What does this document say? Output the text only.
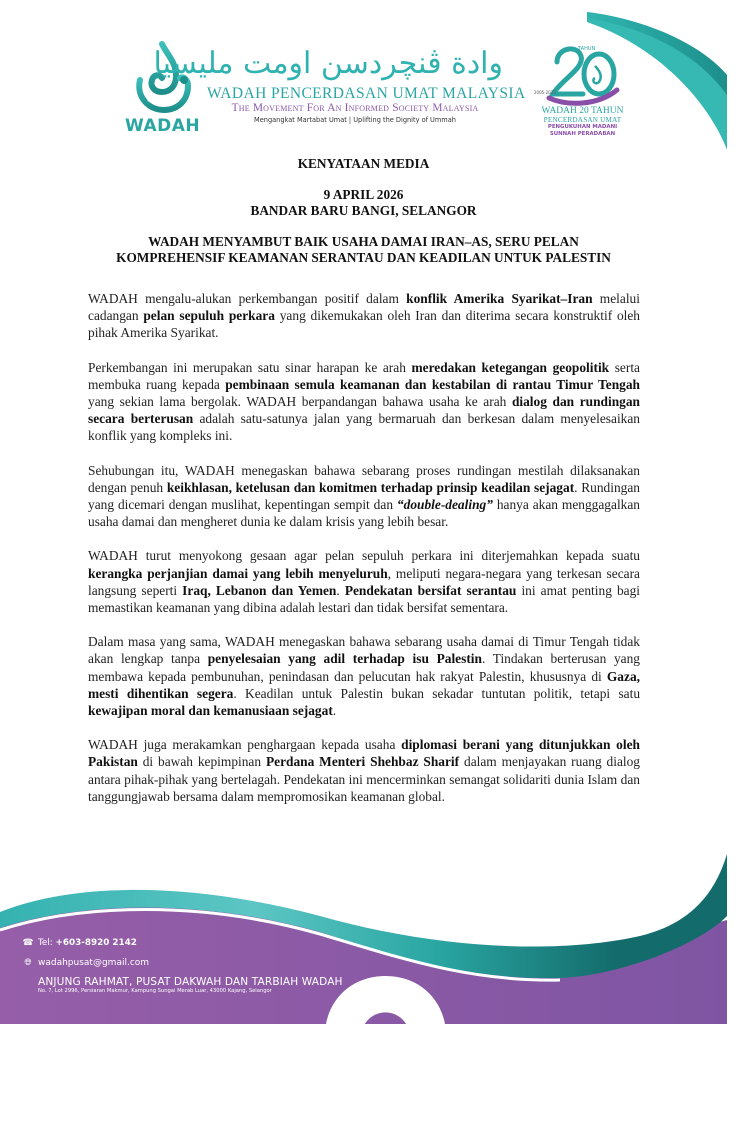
WADAH
وادة ڤنچردسن اومت مليسيا
WADAH PENCERDASAN UMAT MALAYSIA
The Movement For An Informed Society Malaysia
Mengangkat Martabat Umat | Uplifting the Dignity of Ummah
TAHUN
2005-2025
WADAH 20 TAHUN
PENCERDASAN UMAT
PENGUKUHAN MADANI
SUNNAH PERADABAN

KENYATAAN MEDIA

9 APRIL 2026

BANDAR BARU BANGI, SELANGOR

WADAH MENYAMBUT BAIK USAHA DAMAI IRAN–AS, SERU PELAN

KOMPREHENSIF KEAMANAN SERANTAU DAN KEADILAN UNTUK PALESTIN

WADAH mengalu-alukan perkembangan positif dalam konflik Amerika Syarikat–Iran melalui cadangan pelan sepuluh perkara yang dikemukakan oleh Iran dan diterima secara konstruktif oleh pihak Amerika Syarikat.

Perkembangan ini merupakan satu sinar harapan ke arah meredakan ketegangan geopolitik serta membuka ruang kepada pembinaan semula keamanan dan kestabilan di rantau Timur Tengah yang sekian lama bergolak. WADAH berpandangan bahawa usaha ke arah dialog dan rundingan secara berterusan adalah satu-satunya jalan yang bermaruah dan berkesan dalam menyelesaikan konflik yang kompleks ini.

Sehubungan itu, WADAH menegaskan bahawa sebarang proses rundingan mestilah dilaksanakan dengan penuh keikhlasan, ketelusan dan komitmen terhadap prinsip keadilan sejagat. Rundingan yang dicemari dengan muslihat, kepentingan sempit dan “double-dealing” hanya akan menggagalkan usaha damai dan mengheret dunia ke dalam krisis yang lebih besar.

WADAH turut menyokong gesaan agar pelan sepuluh perkara ini diterjemahkan kepada suatu kerangka perjanjian damai yang lebih menyeluruh, meliputi negara-negara yang terkesan secara langsung seperti Iraq, Lebanon dan Yemen. Pendekatan bersifat serantau ini amat penting bagi memastikan keamanan yang dibina adalah lestari dan tidak bersifat sementara.

Dalam masa yang sama, WADAH menegaskan bahawa sebarang usaha damai di Timur Tengah tidak akan lengkap tanpa penyelesaian yang adil terhadap isu Palestin. Tindakan berterusan yang membawa kepada pembunuhan, penindasan dan pelucutan hak rakyat Palestin, khususnya di Gaza, mesti dihentikan segera. Keadilan untuk Palestin bukan sekadar tuntutan politik, tetapi satu kewajipan moral dan kemanusiaan sejagat.

WADAH juga merakamkan penghargaan kepada usaha diplomasi berani yang ditunjukkan oleh Pakistan di bawah kepimpinan Perdana Menteri Shehbaz Sharif dalam menjayakan ruang dialog antara pihak-pihak yang bertelagah. Pendekatan ini mencerminkan semangat solidariti dunia Islam dan tanggungjawab bersama dalam mempromosikan keamanan global.

☎ Tel: +603-8920 2142
🌐︎ wadahpusat@gmail.com
ANJUNG RAHMAT, PUSAT DAKWAH DAN TARBIAH WADAH
No. 7, Lot 2996, Persiaran Makmur, Kampung Sungai Merab Luar, 43000 Kajang, Selangor
